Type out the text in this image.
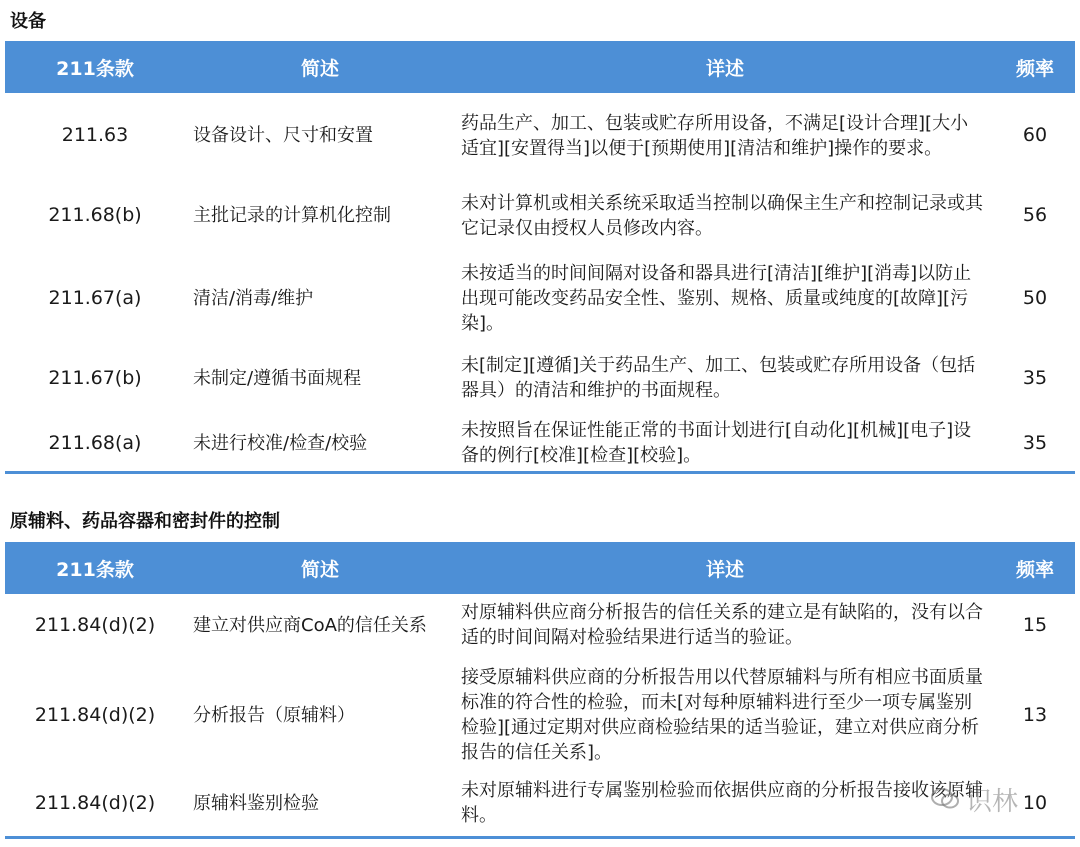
设备
211条款	简述	详述	频率
211.63	设备设计、尺寸和安置	药品生产、加工、包装或贮存所用设备，不满足[设计合理][大小适宜][安置得当]以便于[预期使用][清洁和维护]操作的要求。	60
211.68(b)	主批记录的计算机化控制	未对计算机或相关系统采取适当控制以确保主生产和控制记录或其它记录仅由授权人员修改内容。	56
211.67(a)	清洁/消毒/维护	未按适当的时间间隔对设备和器具进行[清洁][维护][消毒]以防止出现可能改变药品安全性、鉴别、规格、质量或纯度的[故障][污染]。	50
211.67(b)	未制定/遵循书面规程	未[制定][遵循]关于药品生产、加工、包装或贮存所用设备（包括器具）的清洁和维护的书面规程。	35
211.68(a)	未进行校准/检查/校验	未按照旨在保证性能正常的书面计划进行[自动化][机械][电子]设备的例行[校准][检查][校验]。	35
原辅料、药品容器和密封件的控制
211条款	简述	详述	频率
211.84(d)(2)	建立对供应商CoA的信任关系	对原辅料供应商分析报告的信任关系的建立是有缺陷的，没有以合适的时间间隔对检验结果进行适当的验证。	15
211.84(d)(2)	分析报告（原辅料）	接受原辅料供应商的分析报告用以代替原辅料与所有相应书面质量标准的符合性的检验，而未[对每种原辅料进行至少一项专属鉴别检验][通过定期对供应商检验结果的适当验证，建立对供应商分析报告的信任关系]。	13
211.84(d)(2)	原辅料鉴别检验	未对原辅料进行专属鉴别检验而依据供应商的分析报告接收该原辅料。	10
识林
